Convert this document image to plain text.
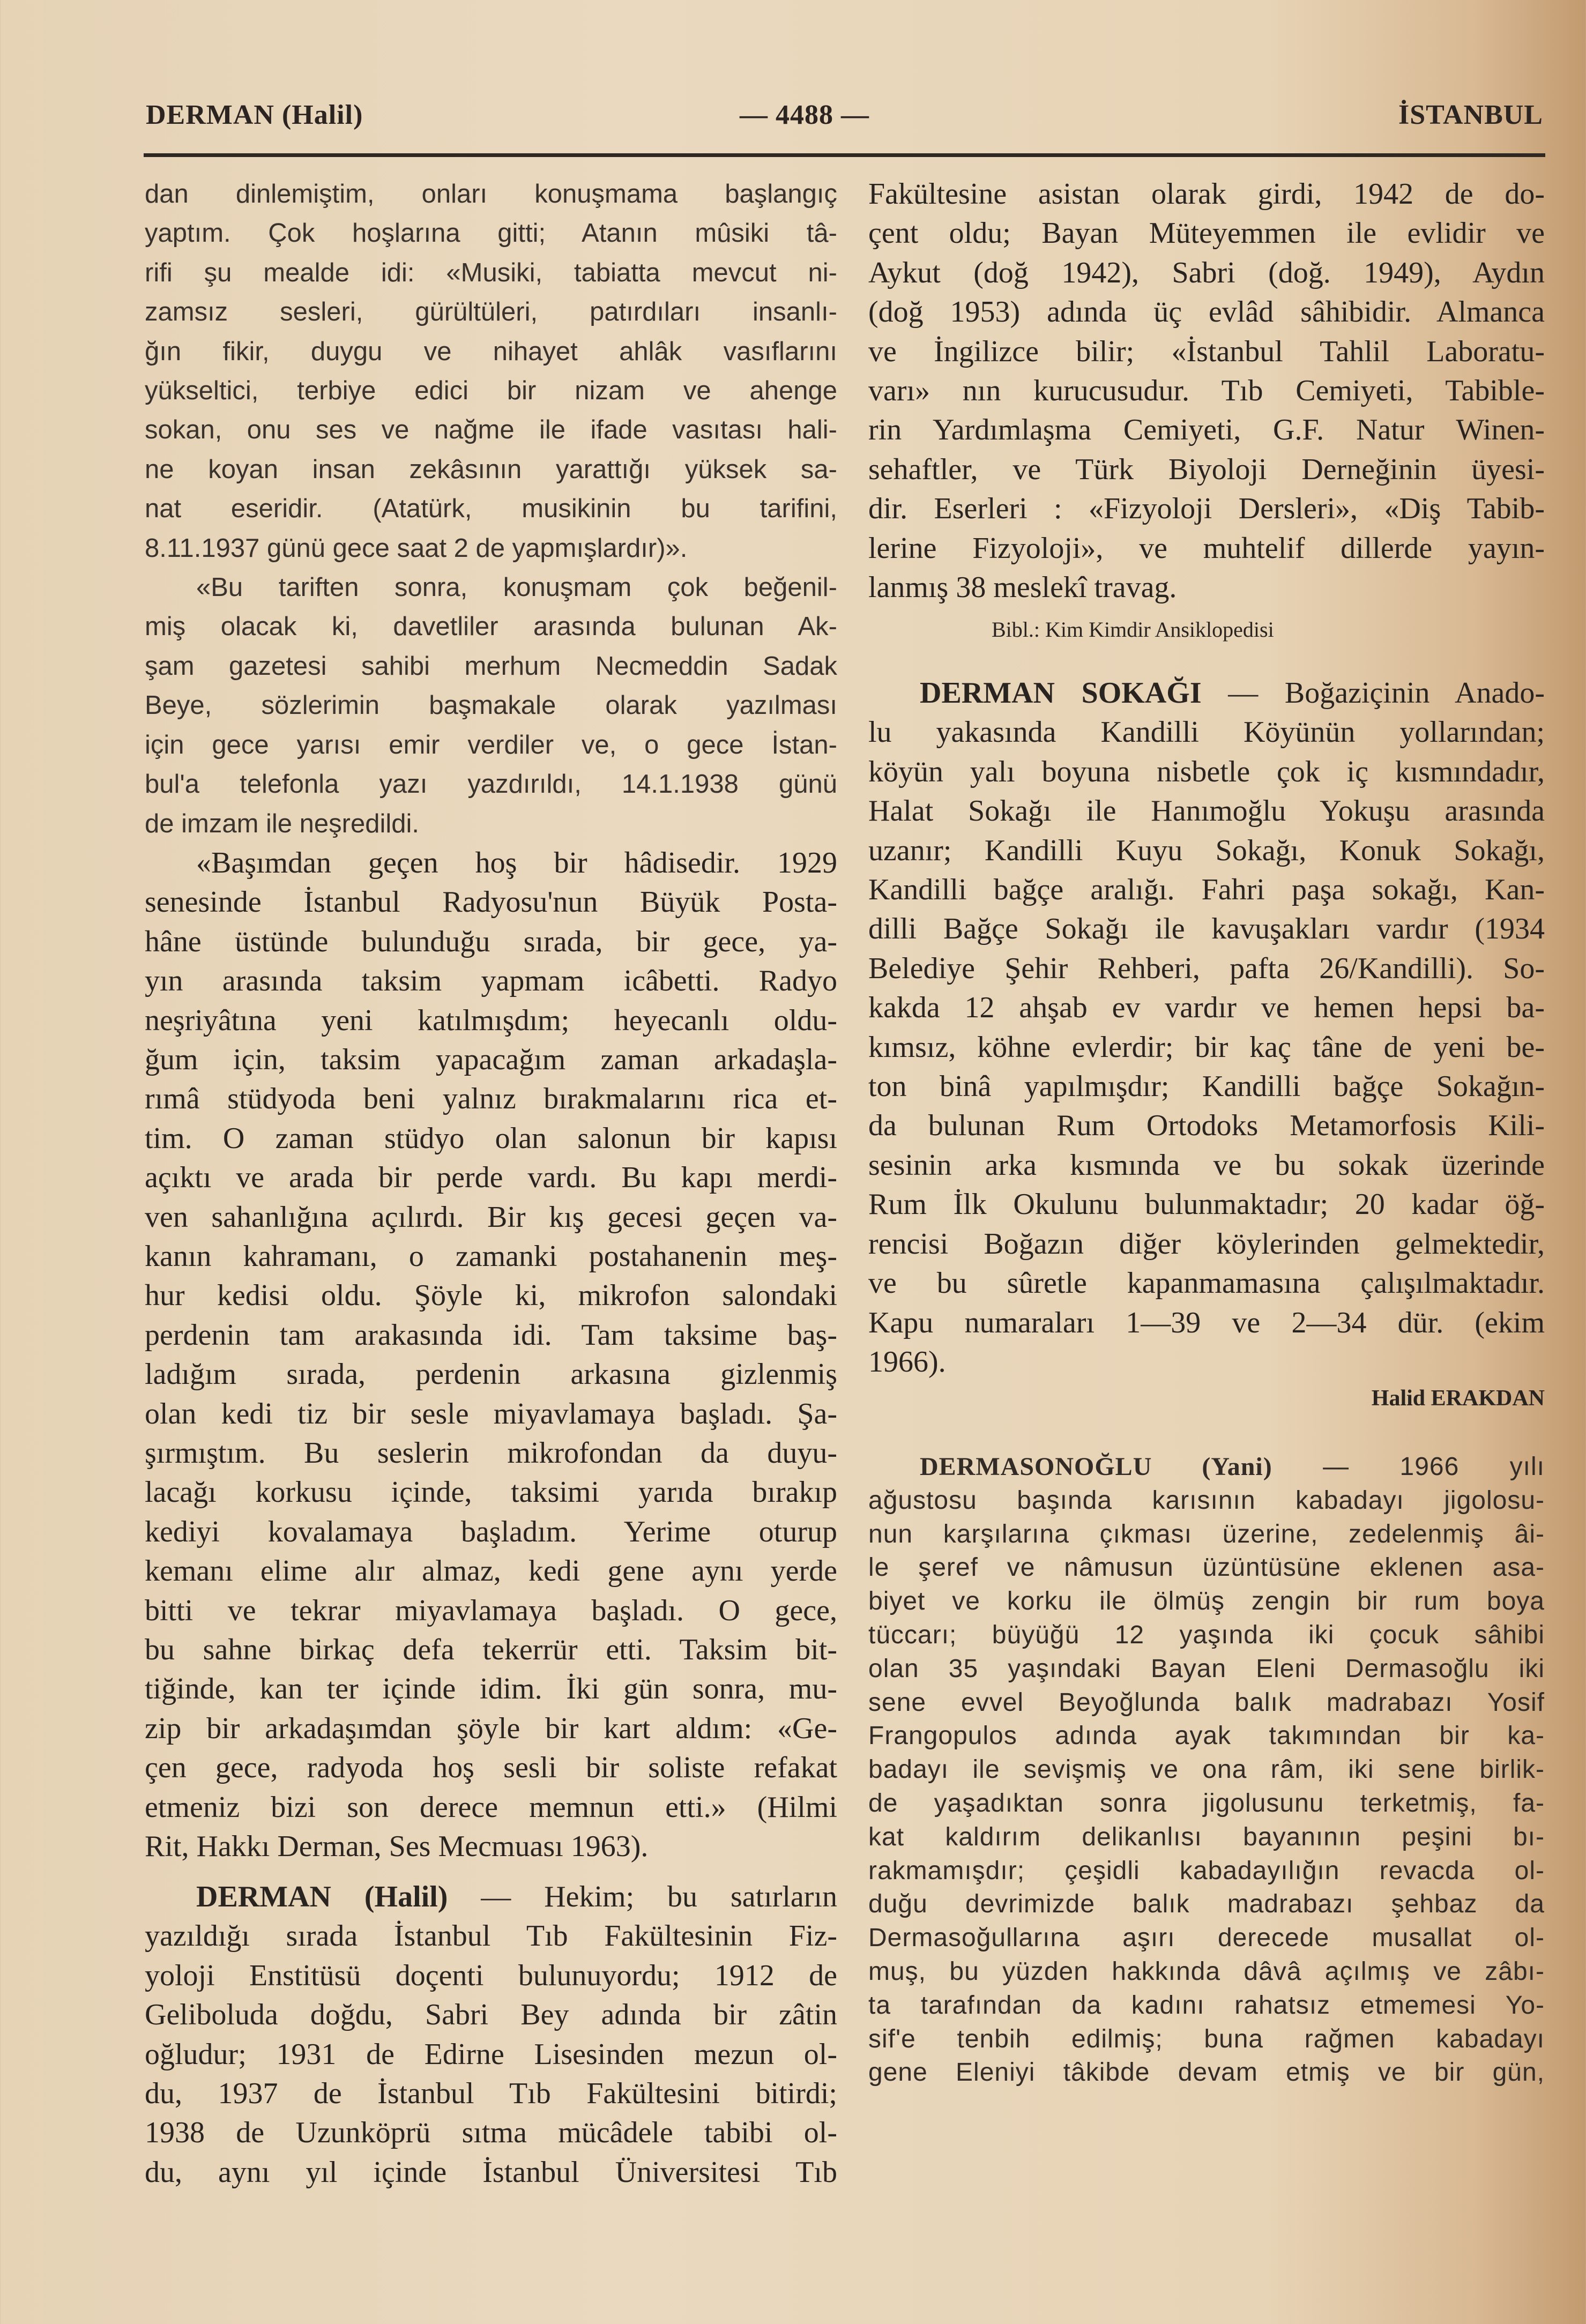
DERMAN (Halil)	— 4488 —	İSTANBUL
dan dinlemiştim, onları konuşmama başlangıç
yaptım. Çok hoşlarına gitti; Atanın mûsiki tâ-
rifi şu mealde idi: «Musiki, tabiatta mevcut ni-
zamsız sesleri, gürültüleri, patırdıları insanlı-
ğın fikir, duygu ve nihayet ahlâk vasıflarını
yükseltici, terbiye edici bir nizam ve ahenge
sokan, onu ses ve nağme ile ifade vasıtası hali-
ne koyan insan zekâsının yarattığı yüksek sa-
nat eseridir. (Atatürk, musikinin bu tarifini,
8.11.1937 günü gece saat 2 de yapmışlardır)».
«Bu tariften sonra, konuşmam çok beğenil-
miş olacak ki, davetliler arasında bulunan Ak-
şam gazetesi sahibi merhum Necmeddin Sadak
Beye, sözlerimin başmakale olarak yazılması
için gece yarısı emir verdiler ve, o gece İstan-
bul'a telefonla yazı yazdırıldı, 14.1.1938 günü
de imzam ile neşredildi.
«Başımdan geçen hoş bir hâdisedir. 1929
senesinde İstanbul Radyosu'nun Büyük Posta-
hâne üstünde bulunduğu sırada, bir gece, ya-
yın arasında taksim yapmam icâbetti. Radyo
neşriyâtına yeni katılmışdım; heyecanlı oldu-
ğum için, taksim yapacağım zaman arkadaşla-
rımâ stüdyoda beni yalnız bırakmalarını rica et-
tim. O zaman stüdyo olan salonun bir kapısı
açıktı ve arada bir perde vardı. Bu kapı merdi-
ven sahanlığına açılırdı. Bir kış gecesi geçen va-
kanın kahramanı, o zamanki postahanenin meş-
hur kedisi oldu. Şöyle ki, mikrofon salondaki
perdenin tam arakasında idi. Tam taksime baş-
ladığım sırada, perdenin arkasına gizlenmiş
olan kedi tiz bir sesle miyavlamaya başladı. Şa-
şırmıştım. Bu seslerin mikrofondan da duyu-
lacağı korkusu içinde, taksimi yarıda bırakıp
kediyi kovalamaya başladım. Yerime oturup
kemanı elime alır almaz, kedi gene aynı yerde
bitti ve tekrar miyavlamaya başladı. O gece,
bu sahne birkaç defa tekerrür etti. Taksim bit-
tiğinde, kan ter içinde idim. İki gün sonra, mu-
zip bir arkadaşımdan şöyle bir kart aldım: «Ge-
çen gece, radyoda hoş sesli bir soliste refakat
etmeniz bizi son derece memnun etti.» (Hilmi
Rit, Hakkı Derman, Ses Mecmuası 1963).
DERMAN (Halil) — Hekim; bu satırların
yazıldığı sırada İstanbul Tıb Fakültesinin Fiz-
yoloji Enstitüsü doçenti bulunuyordu; 1912 de
Geliboluda doğdu, Sabri Bey adında bir zâtin
oğludur; 1931 de Edirne Lisesinden mezun ol-
du, 1937 de İstanbul Tıb Fakültesini bitirdi;
1938 de Uzunköprü sıtma mücâdele tabibi ol-
du, aynı yıl içinde İstanbul Üniversitesi Tıb
Fakültesine asistan olarak girdi, 1942 de do-
çent oldu; Bayan Müteyemmen ile evlidir ve
Aykut (doğ 1942), Sabri (doğ. 1949), Aydın
(doğ 1953) adında üç evlâd sâhibidir. Almanca
ve İngilizce bilir; «İstanbul Tahlil Laboratu-
varı» nın kurucusudur. Tıb Cemiyeti, Tabible-
rin Yardımlaşma Cemiyeti, G.F. Natur Winen-
sehaftler, ve Türk Biyoloji Derneğinin üyesi-
dir. Eserleri : «Fizyoloji Dersleri», «Diş Tabib-
lerine Fizyoloji», ve muhtelif dillerde yayın-
lanmış 38 meslekî travag.
Bibl.: Kim Kimdir Ansiklopedisi
DERMAN SOKAĞI — Boğaziçinin Anado-
lu yakasında Kandilli Köyünün yollarından;
köyün yalı boyuna nisbetle çok iç kısmındadır,
Halat Sokağı ile Hanımoğlu Yokuşu arasında
uzanır; Kandilli Kuyu Sokağı, Konuk Sokağı,
Kandilli bağçe aralığı. Fahri paşa sokağı, Kan-
dilli Bağçe Sokağı ile kavuşakları vardır (1934
Belediye Şehir Rehberi, pafta 26/Kandilli). So-
kakda 12 ahşab ev vardır ve hemen hepsi ba-
kımsız, köhne evlerdir; bir kaç tâne de yeni be-
ton binâ yapılmışdır; Kandilli bağçe Sokağın-
da bulunan Rum Ortodoks Metamorfosis Kili-
sesinin arka kısmında ve bu sokak üzerinde
Rum İlk Okulunu bulunmaktadır; 20 kadar öğ-
rencisi Boğazın diğer köylerinden gelmektedir,
ve bu sûretle kapanmamasına çalışılmaktadır.
Kapu numaraları 1—39 ve 2—34 dür. (ekim
1966).
Halid ERAKDAN
DERMASONOĞLU (Yani) — 1966 yılı
ağustosu başında karısının kabadayı jigolosu-
nun karşılarına çıkması üzerine, zedelenmiş âi-
le şeref ve nâmusun üzüntüsüne eklenen asa-
biyet ve korku ile ölmüş zengin bir rum boya
tüccarı; büyüğü 12 yaşında iki çocuk sâhibi
olan 35 yaşındaki Bayan Eleni Dermasoğlu iki
sene evvel Beyoğlunda balık madrabazı Yosif
Frangopulos adında ayak takımından bir ka-
badayı ile sevişmiş ve ona râm, iki sene birlik-
de yaşadıktan sonra jigolusunu terketmiş, fa-
kat kaldırım delikanlısı bayanının peşini bı-
rakmamışdır; çeşidli kabadayılığın revacda ol-
duğu devrimizde balık madrabazı şehbaz da
Dermasoğullarına aşırı derecede musallat ol-
muş, bu yüzden hakkında dâvâ açılmış ve zâbı-
ta tarafından da kadını rahatsız etmemesi Yo-
sif'e tenbih edilmiş; buna rağmen kabadayı
gene Eleniyi tâkibde devam etmiş ve bir gün,
